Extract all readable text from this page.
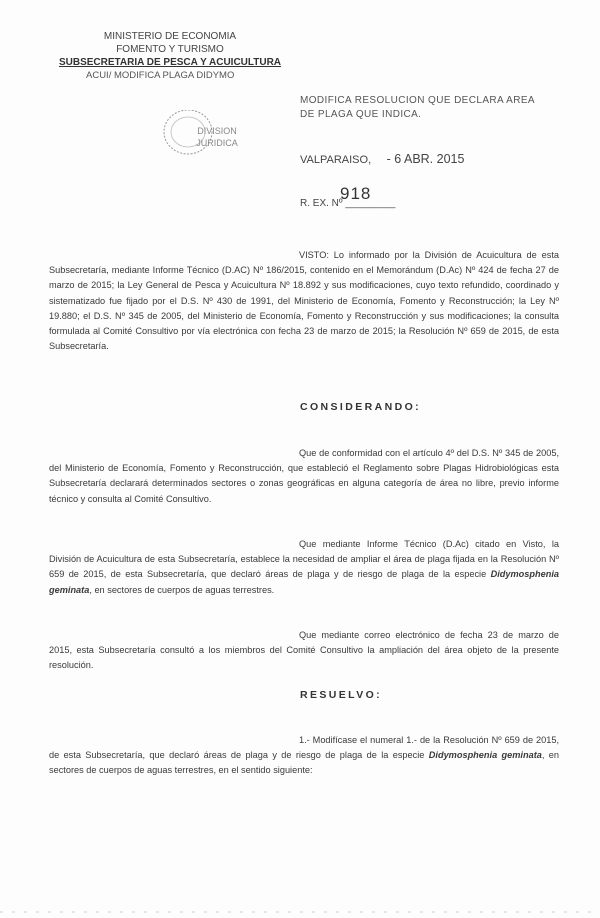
MINISTERIO DE ECONOMIA
FOMENTO Y TURISMO
SUBSECRETARIA DE PESCA Y ACUICULTURA
ACUI/ MODIFICA PLAGA DIDYMO
DIVISION
JURIDICA
MODIFICA RESOLUCION QUE DECLARA AREA DE PLAGA QUE INDICA.
VALPARAISO, - 6 ABR. 2015
R. EX. Nº _________
918
VISTO: Lo informado por la División de Acuicultura de esta Subsecretaría, mediante Informe Técnico (D.AC) Nº 186/2015, contenido en el Memorándum (D.Ac) Nº 424 de fecha 27 de marzo de 2015; la Ley General de Pesca y Acuicultura Nº 18.892 y sus modificaciones, cuyo texto refundido, coordinado y sistematizado fue fijado por el D.S. Nº 430 de 1991, del Ministerio de Economía, Fomento y Reconstrucción; la Ley Nº 19.880; el D.S. Nº 345 de 2005, del Ministerio de Economía, Fomento y Reconstrucción y sus modificaciones; la consulta formulada al Comité Consultivo por vía electrónica con fecha 23 de marzo de 2015; la Resolución Nº 659 de 2015, de esta Subsecretaría.
CONSIDERANDO:
Que de conformidad con el artículo 4º del D.S. Nº 345 de 2005, del Ministerio de Economía, Fomento y Reconstrucción, que estableció el Reglamento sobre Plagas Hidrobiológicas esta Subsecretaría declarará determinados sectores o zonas geográficas en alguna categoría de área no libre, previo informe técnico y consulta al Comité Consultivo.
Que mediante Informe Técnico (D.Ac) citado en Visto, la División de Acuicultura de esta Subsecretaría, establece la necesidad de ampliar el área de plaga fijada en la Resolución Nº 659 de 2015, de esta Subsecretaría, que declaró áreas de plaga y de riesgo de plaga de la especie Didymosphenia geminata, en sectores de cuerpos de aguas terrestres.
Que mediante correo electrónico de fecha 23 de marzo de 2015, esta Subsecretaría consultó a los miembros del Comité Consultivo la ampliación del área objeto de la presente resolución.
RESUELVO:
1.- Modifícase el numeral 1.- de la Resolución Nº 659 de 2015, de esta Subsecretaría, que declaró áreas de plaga y de riesgo de plaga de la especie Didymosphenia geminata, en sectores de cuerpos de aguas terrestres, en el sentido siguiente:
